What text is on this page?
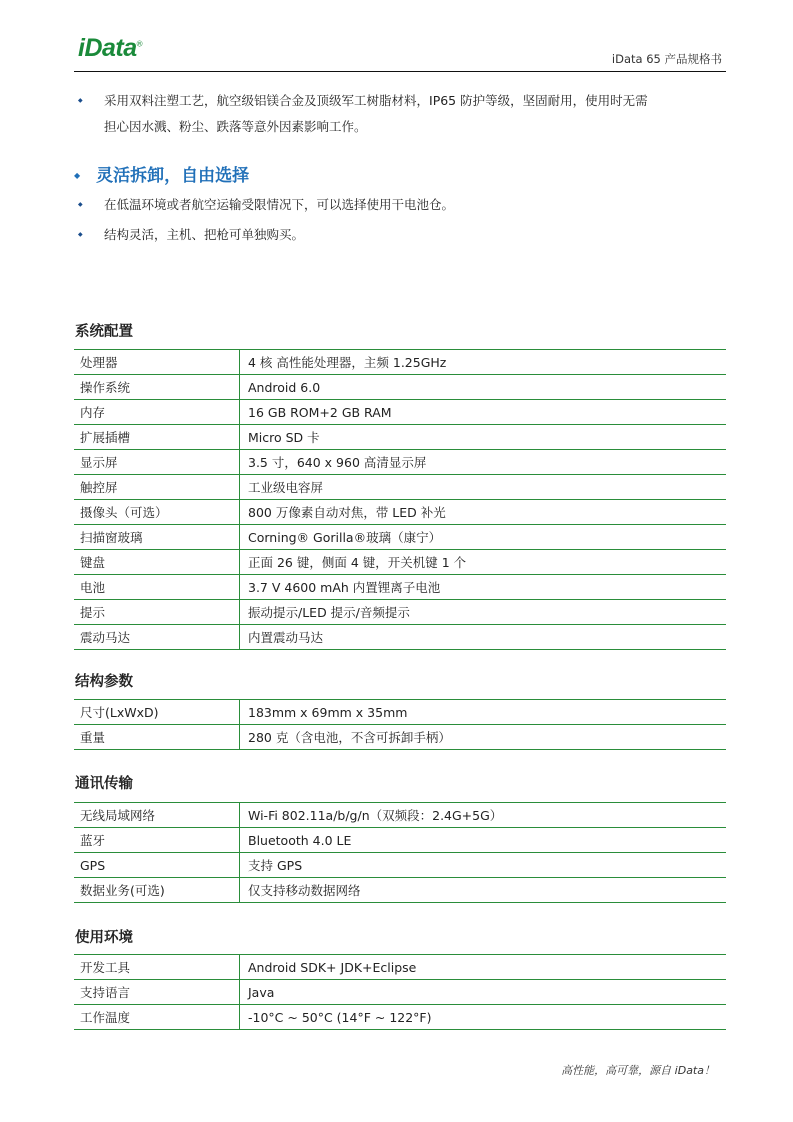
iData®
iData 65 产品规格书
◆ 采用双料注塑工艺，航空级铝镁合金及顶级军工树脂材料，IP65 防护等级，坚固耐用，使用时无需
担心因水溅、粉尘、跌落等意外因素影响工作。
◆ 灵活拆卸，自由选择
◆ 在低温环境或者航空运输受限情况下，可以选择使用干电池仓。
◆ 结构灵活，主机、把枪可单独购买。
系统配置
处理器	4 核 高性能处理器，主频 1.25GHz
操作系统	Android 6.0
内存	16 GB ROM+2 GB RAM
扩展插槽	Micro SD 卡
显示屏	3.5 寸，640 x 960 高清显示屏
触控屏	工业级电容屏
摄像头（可选）	800 万像素自动对焦，带 LED 补光
扫描窗玻璃	Corning® Gorilla®玻璃（康宁）
键盘	正面 26 键，侧面 4 键，开关机键 1 个
电池	3.7 V 4600 mAh 内置锂离子电池
提示	振动提示/LED 提示/音频提示
震动马达	内置震动马达
结构参数
尺寸(LxWxD)	183mm x 69mm x 35mm
重量	280 克（含电池，不含可拆卸手柄）
通讯传输
无线局域网络	Wi-Fi 802.11a/b/g/n（双频段：2.4G+5G）
蓝牙	Bluetooth 4.0 LE
GPS	支持 GPS
数据业务(可选)	仅支持移动数据网络
使用环境
开发工具	Android SDK+ JDK+Eclipse
支持语言	Java
工作温度	-10°C ~ 50°C (14°F ~ 122°F)
高性能，高可靠，源自 iData！
